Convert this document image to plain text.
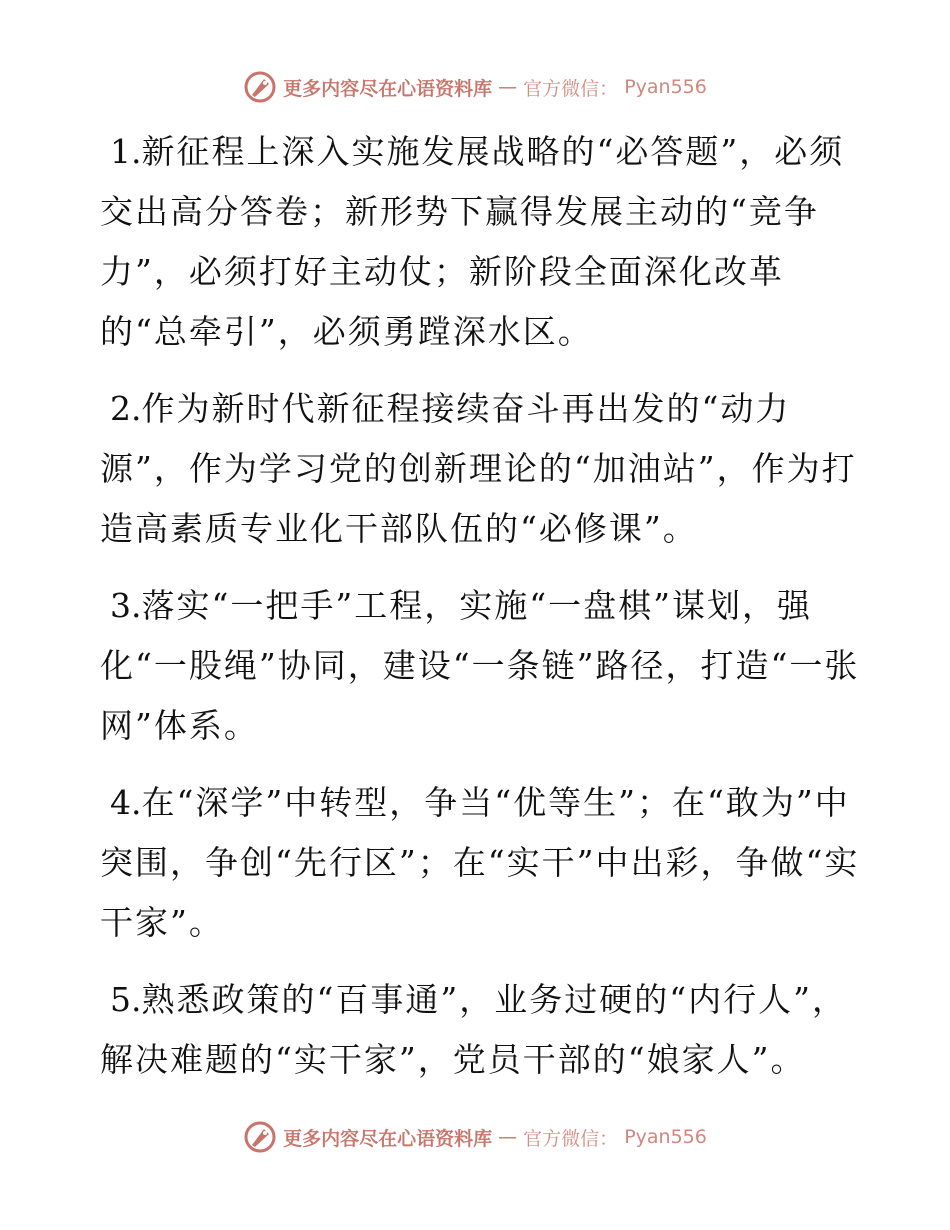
更多内容尽在心语资料库 — 官方微信： Pyan556

1.新征程上深入实施发展战略的“必答题”，必须交出高分答卷；新形势下赢得发展主动的“竞争力”，必须打好主动仗；新阶段全面深化改革的“总牵引”，必须勇蹚深水区。

2.作为新时代新征程接续奋斗再出发的“动力源”，作为学习党的创新理论的“加油站”，作为打造高素质专业化干部队伍的“必修课”。

3.落实“一把手”工程，实施“一盘棋”谋划，强化“一股绳”协同，建设“一条链”路径，打造“一张网”体系。

4.在“深学”中转型，争当“优等生”；在“敢为”中突围，争创“先行区”；在“实干”中出彩，争做“实干家”。

5.熟悉政策的“百事通”，业务过硬的“内行人”，解决难题的“实干家”，党员干部的“娘家人”。

更多内容尽在心语资料库 — 官方微信： Pyan556
